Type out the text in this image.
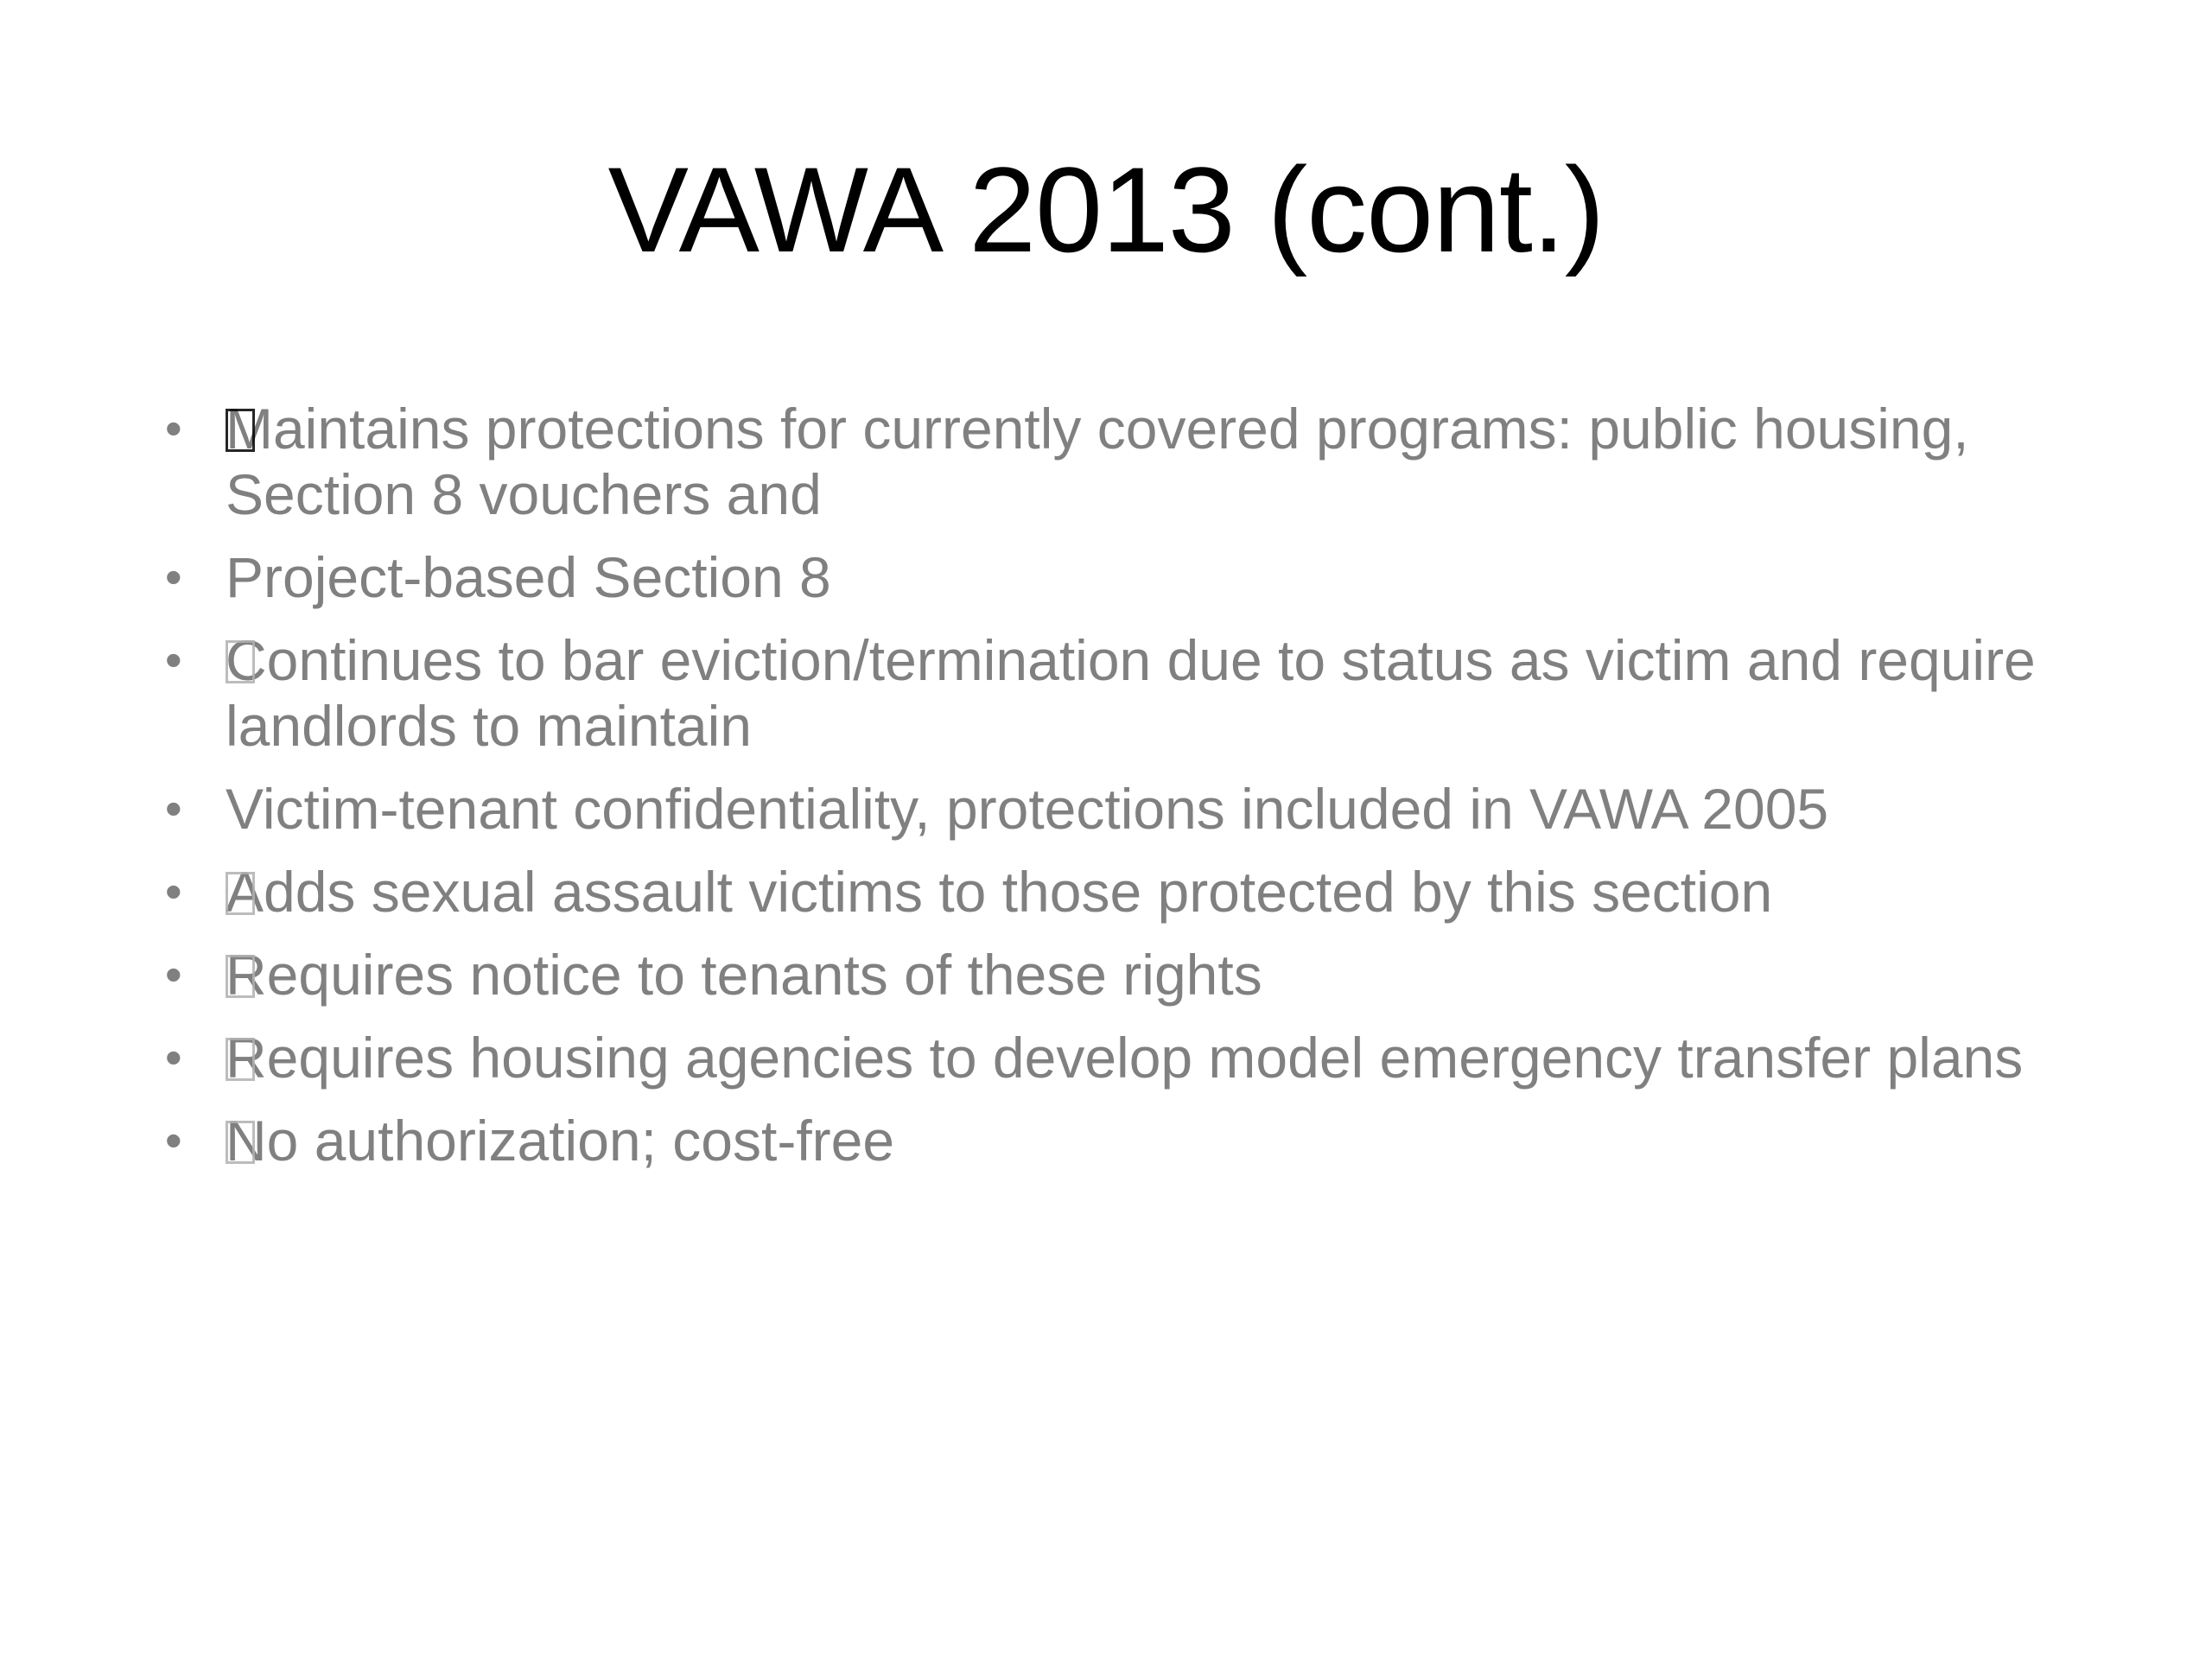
VAWA 2013 (cont.)
• Maintains protections for currently covered programs: public housing, Section 8 vouchers and
• Project-based Section 8
• Continues to bar eviction/termination due to status as victim and require landlords to maintain
• Victim-tenant confidentiality, protections included in VAWA 2005
• Adds sexual assault victims to those protected by this section
• Requires notice to tenants of these rights
• Requires housing agencies to develop model emergency transfer plans
• No authorization; cost-free
